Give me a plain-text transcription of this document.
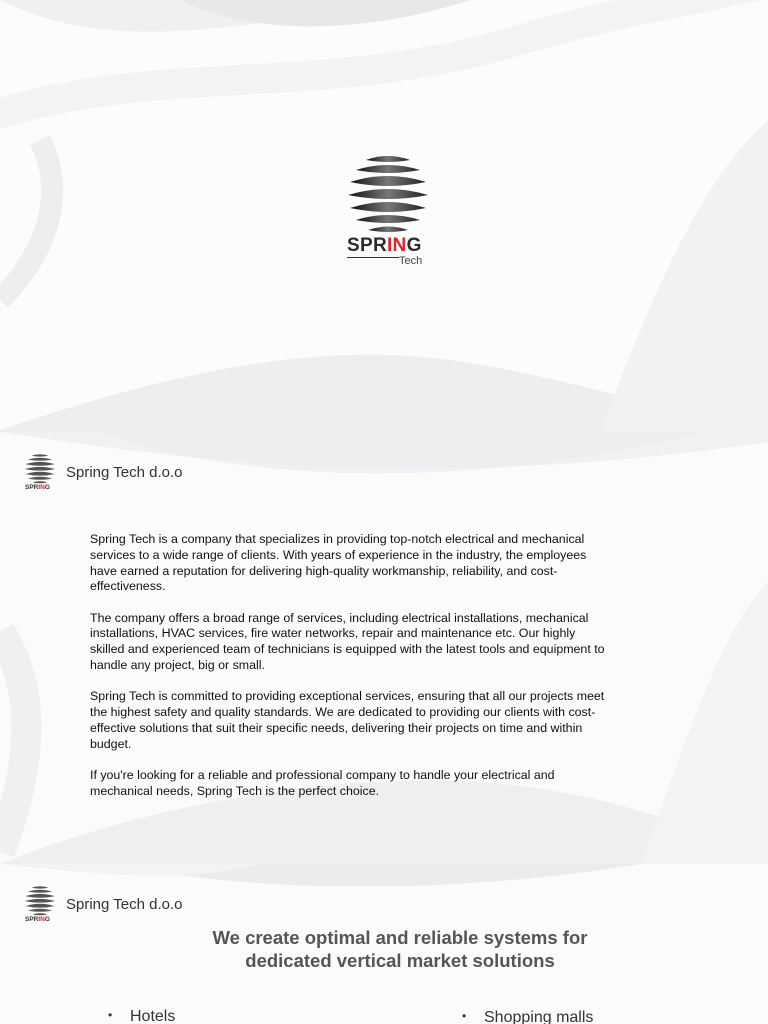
SPRING
Tech
SPRING
Spring Tech d.o.o

Spring Tech is a company that specializes in providing top-notch electrical and mechanical services to a wide range of clients. With years of experience in the industry, the employees have earned a reputation for delivering high-quality workmanship, reliability, and cost-effectiveness.

The company offers a broad range of services, including electrical installations, mechanical installations, HVAC services, fire water networks, repair and maintenance etc. Our highly skilled and experienced team of technicians is equipped with the latest tools and equipment to handle any project, big or small.

Spring Tech is committed to providing exceptional services, ensuring that all our projects meet the highest safety and quality standards. We are dedicated to providing our clients with cost-effective solutions that suit their specific needs, delivering their projects on time and within budget.

If you're looking for a reliable and professional company to handle your electrical and mechanical needs, Spring Tech is the perfect choice.

SPRING
Spring Tech d.o.o
We create optimal and reliable systems for
dedicated vertical market solutions
• Hotels
•	Shopping malls
